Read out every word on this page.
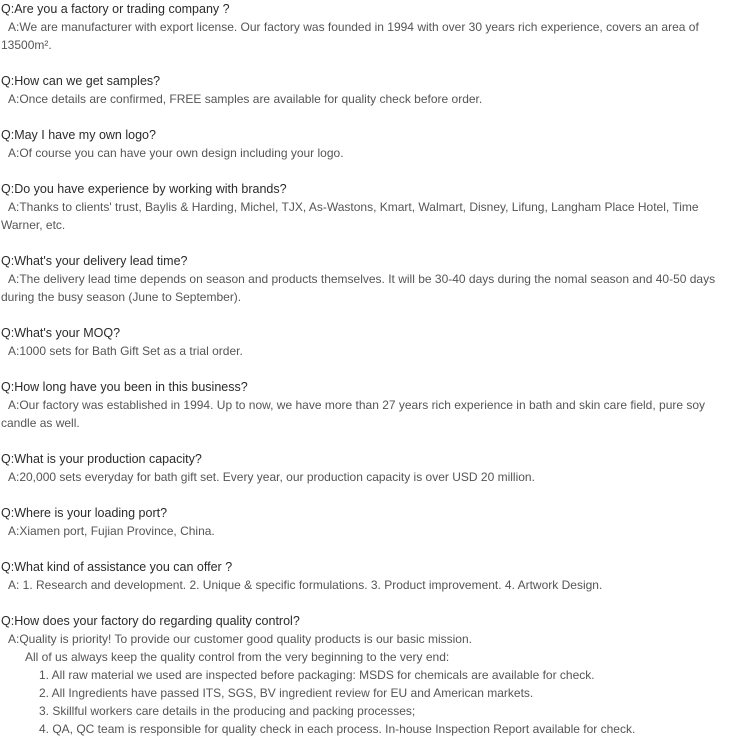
Q:Are you a factory or trading company ?

A:We are manufacturer with export license. Our factory was founded in 1994 with over 30 years rich experience, covers an area of 13500m².

Q:How can we get samples?

A:Once details are confirmed, FREE samples are available for quality check before order.

Q:May I have my own logo?

A:Of course you can have your own design including your logo.

Q:Do you have experience by working with brands?

A:Thanks to clients' trust, Baylis & Harding, Michel, TJX, As-Wastons, Kmart, Walmart, Disney, Lifung, Langham Place Hotel, Time Warner, etc.

Q:What's your delivery lead time?

A:The delivery lead time depends on season and products themselves. It will be 30-40 days during the nomal season and 40-50 days during the busy season (June to September).

Q:What's your MOQ?

A:1000 sets for Bath Gift Set as a trial order.

Q:How long have you been in this business?

A:Our factory was established in 1994. Up to now, we have more than 27 years rich experience in bath and skin care field, pure soy candle as well.

Q:What is your production capacity?

A:20,000 sets everyday for bath gift set. Every year, our production capacity is over USD 20 million.

Q:Where is your loading port?

A:Xiamen port, Fujian Province, China.

Q:What kind of assistance you can offer ?

A: 1. Research and development. 2. Unique & specific formulations. 3. Product improvement. 4. Artwork Design.

Q:How does your factory do regarding quality control?

A:Quality is priority! To provide our customer good quality products is our basic mission.

All of us always keep the quality control from the very beginning to the very end:

1. All raw material we used are inspected before packaging: MSDS for chemicals are available for check.

2. All Ingredients have passed ITS, SGS, BV ingredient review for EU and American markets.

3. Skillful workers care details in the producing and packing processes;

4. QA, QC team is responsible for quality check in each process. In-house Inspection Report available for check.
